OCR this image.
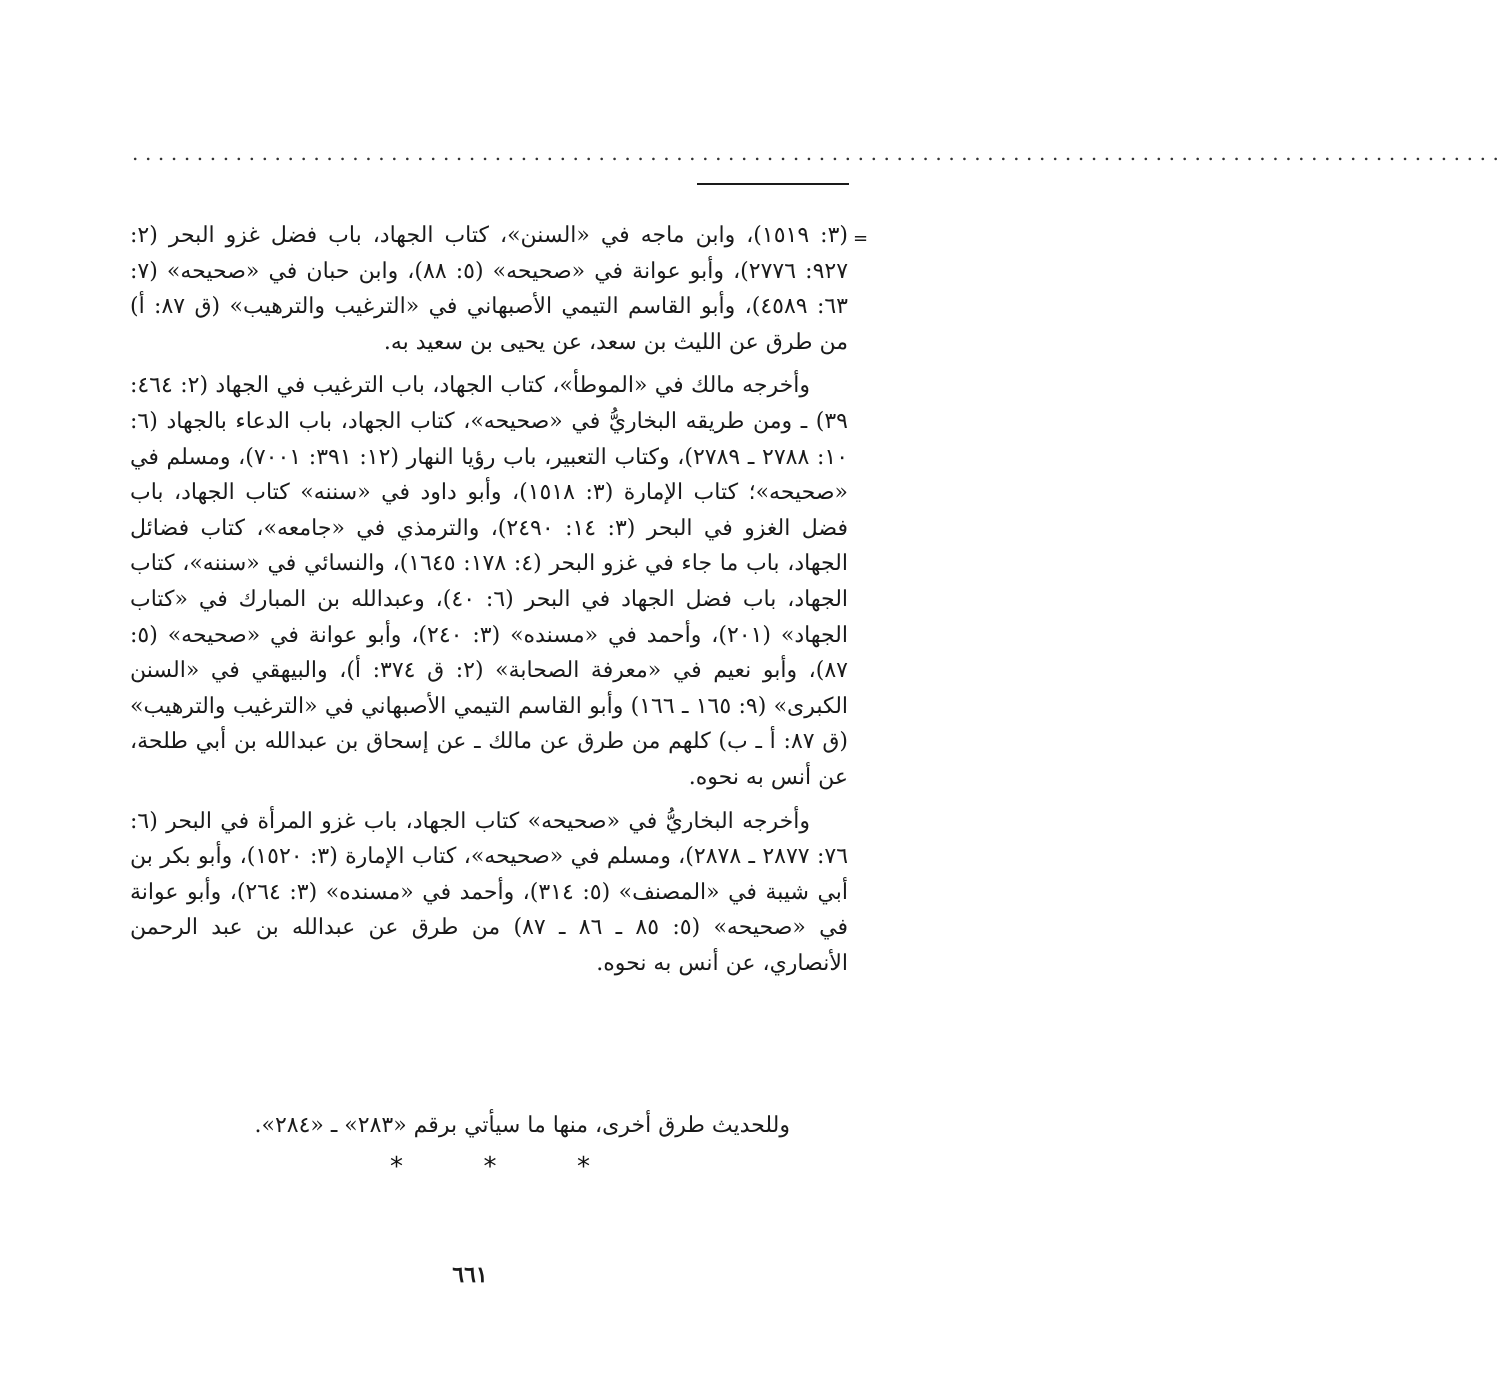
..........................................................................................................
=

(٣: ١٥١٩)، وابن ماجه في «السنن»، كتاب الجهاد، باب فضل غزو البحر (٢: ٩٢٧: ٢٧٧٦)، وأبو عوانة في «صحيحه» (٥: ٨٨)، وابن حبان في «صحيحه» (٧: ٦٣: ٤٥٨٩)، وأبو القاسم التيمي الأصبهاني في «الترغيب والترهيب» (ق ٨٧: أ) من طرق عن الليث بن سعد، عن يحيى بن سعيد به.

وأخرجه مالك في «الموطأ»، كتاب الجهاد، باب الترغيب في الجهاد (٢: ٤٦٤: ٣٩) ـ ومن طريقه البخاريُّ في «صحيحه»، كتاب الجهاد، باب الدعاء بالجهاد (٦: ١٠: ٢٧٨٨ ـ ٢٧٨٩)، وكتاب التعبير، باب رؤيا النهار (١٢: ٣٩١: ٧٠٠١)، ومسلم في «صحيحه»؛ كتاب الإمارة (٣: ١٥١٨)، وأبو داود في «سننه» كتاب الجهاد، باب فضل الغزو في البحر (٣: ١٤: ٢٤٩٠)، والترمذي في «جامعه»، كتاب فضائل الجهاد، باب ما جاء في غزو البحر (٤: ١٧٨: ١٦٤٥)، والنسائي في «سننه»، كتاب الجهاد، باب فضل الجهاد في البحر (٦: ٤٠)، وعبدالله بن المبارك في «كتاب الجهاد» (٢٠١)، وأحمد في «مسنده» (٣: ٢٤٠)، وأبو عوانة في «صحيحه» (٥: ٨٧)، وأبو نعيم في «معرفة الصحابة» (٢: ق ٣٧٤: أ)، والبيهقي في «السنن الكبرى» (٩: ١٦٥ ـ ١٦٦) وأبو القاسم التيمي الأصبهاني في «الترغيب والترهيب» (ق ٨٧: أ ـ ب) كلهم من طرق عن مالك ـ عن إسحاق بن عبدالله بن أبي طلحة، عن أنس به نحوه.

وأخرجه البخاريُّ في «صحيحه» كتاب الجهاد، باب غزو المرأة في البحر (٦: ٧٦: ٢٨٧٧ ـ ٢٨٧٨)، ومسلم في «صحيحه»، كتاب الإمارة (٣: ١٥٢٠)، وأبو بكر بن أبي شيبة في «المصنف» (٥: ٣١٤)، وأحمد في «مسنده» (٣: ٢٦٤)، وأبو عوانة في «صحيحه» (٥: ٨٥ ـ ٨٦ ـ ٨٧) من طرق عن عبدالله بن عبد الرحمن الأنصاري، عن أنس به نحوه.

وللحديث طرق أخرى، منها ما سيأتي برقم «٢٨٣» ـ «٢٨٤».
*	*	*
٦٦١
